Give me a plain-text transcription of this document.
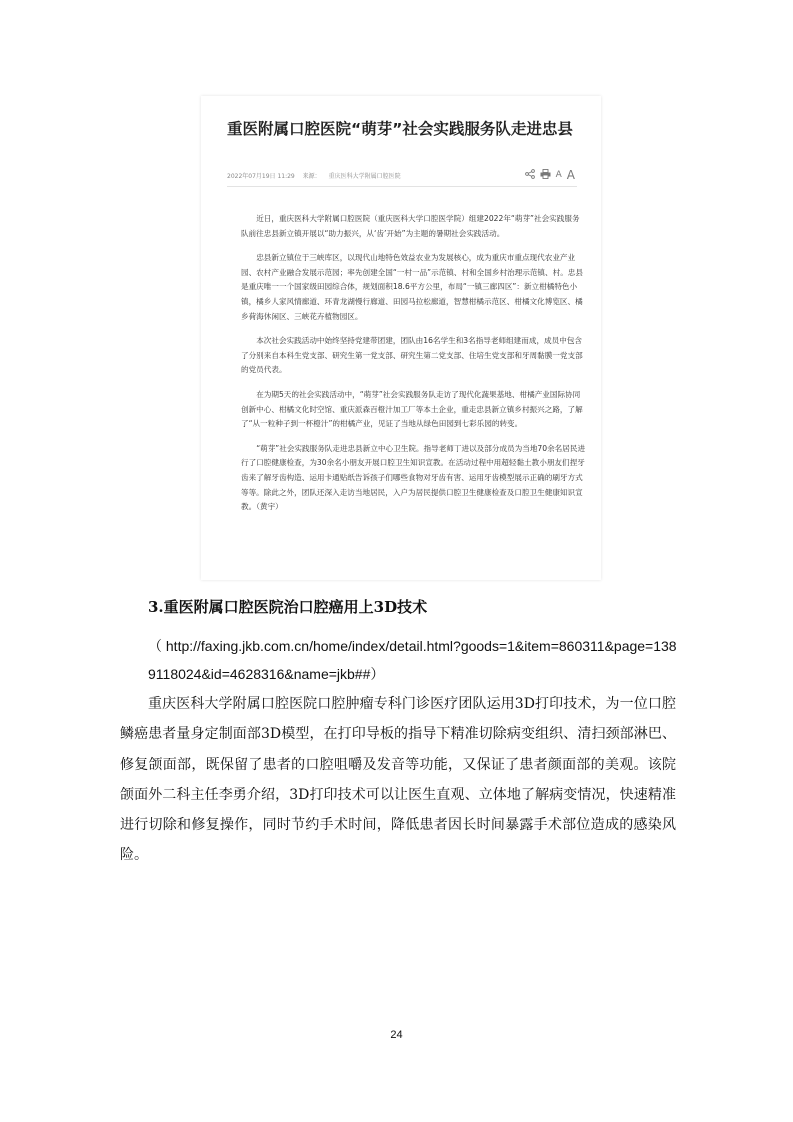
重医附属口腔医院“萌芽”社会实践服务队走进忠县
2022年07月19日 11:29 来源： 重庆医科大学附属口腔医院	A A

近日，重庆医科大学附属口腔医院（重庆医科大学口腔医学院）组建2022年“萌芽”社会实践服务队前往忠县新立镇开展以“助力振兴，从‘齿’开始”为主题的暑期社会实践活动。

忠县新立镇位于三峡库区，以现代山地特色效益农业为发展核心，成为重庆市重点现代农业产业园、农村产业融合发展示范园；率先创建全国“一村一品”示范镇、村和全国乡村治理示范镇、村。忠县是重庆唯一一个国家级田园综合体，规划面积18.6平方公里，布局“一镇三廊四区”：新立柑橘特色小镇，橘乡人家风情廊道、环青龙湖慢行廊道、田园马拉松廊道，智慧柑橘示范区、柑橘文化博览区、橘乡荷海休闲区、三峡花卉植物园区。

本次社会实践活动中始终坚持党建带团建，团队由16名学生和3名指导老师组建而成，成员中包含了分别来自本科生党支部、研究生第一党支部、研究生第二党支部、住培生党支部和牙周黏膜一党支部的党员代表。

在为期5天的社会实践活动中，“萌芽”社会实践服务队走访了现代化蔬果基地、柑橘产业国际协同创新中心、柑橘文化时空馆、重庆派森百橙汁加工厂等本土企业，重走忠县新立镇乡村振兴之路，了解了“从一粒种子到一杯橙汁”的柑橘产业，见证了当地从绿色田园到七彩乐园的转变。

“萌芽”社会实践服务队走进忠县新立中心卫生院。指导老师丁进以及部分成员为当地70余名居民进行了口腔健康检查，为30余名小朋友开展口腔卫生知识宣教。在活动过程中用超轻黏土教小朋友们捏牙齿来了解牙齿构造、运用卡通贴纸告诉孩子们哪些食物对牙齿有害、运用牙齿模型展示正确的刷牙方式等等。除此之外，团队还深入走访当地居民，入户为居民提供口腔卫生健康检查及口腔卫生健康知识宣教。（黄宇）

3.重医附属口腔医院治口腔癌用上3D技术
（ http://faxing.jkb.com.cn/home/index/detail.html?goods=1&item=860311&page=1389118024&id=4628316&name=jkb##）
重庆医科大学附属口腔医院口腔肿瘤专科门诊医疗团队运用3D打印技术，为一位口腔鳞癌患者量身定制面部3D模型，在打印导板的指导下精准切除病变组织、清扫颈部淋巴、修复颌面部，既保留了患者的口腔咀嚼及发音等功能，又保证了患者颜面部的美观。该院颌面外二科主任李勇介绍，3D打印技术可以让医生直观、立体地了解病变情况，快速精准进行切除和修复操作，同时节约手术时间，降低患者因长时间暴露手术部位造成的感染风险。
24
